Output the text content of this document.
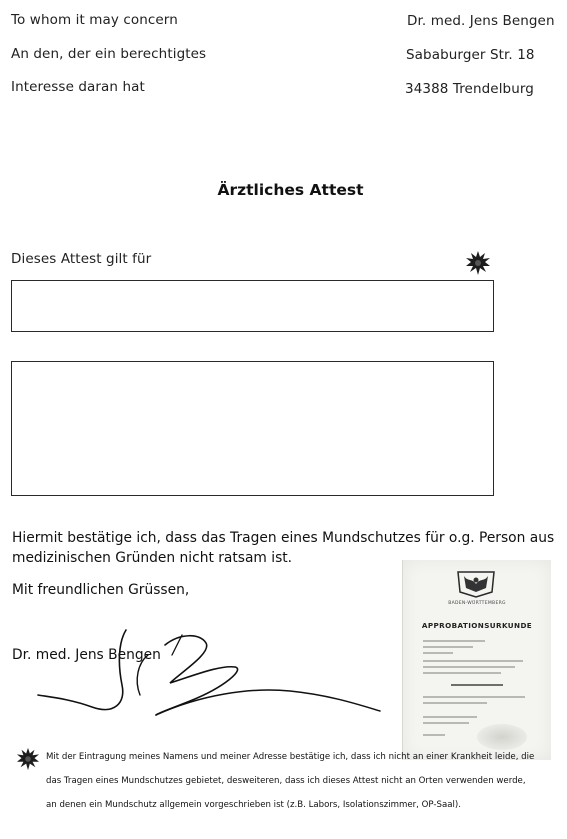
To whom it may concern
An den, der ein berechtigtes
Interesse daran hat
Dr. med. Jens Bengen
Sababurger Str. 18
34388 Trendelburg
Ärztliches Attest
Dieses Attest gilt für
Hiermit bestätige ich, dass das Tragen eines Mundschutzes für o.g. Person aus medizinischen Gründen nicht ratsam ist.
Mit freundlichen Grüssen,
Dr. med. Jens Bengen
BADEN-WÜRTTEMBERG
APPROBATIONSURKUNDE
Mit der Eintragung meines Namens und meiner Adresse bestätige ich, dass ich nicht an einer Krankheit leide, die
das Tragen eines Mundschutzes gebietet, desweiteren, dass ich dieses Attest nicht an Orten verwenden werde,
an denen ein Mundschutz allgemein vorgeschrieben ist (z.B. Labors, Isolationszimmer, OP-Saal).
